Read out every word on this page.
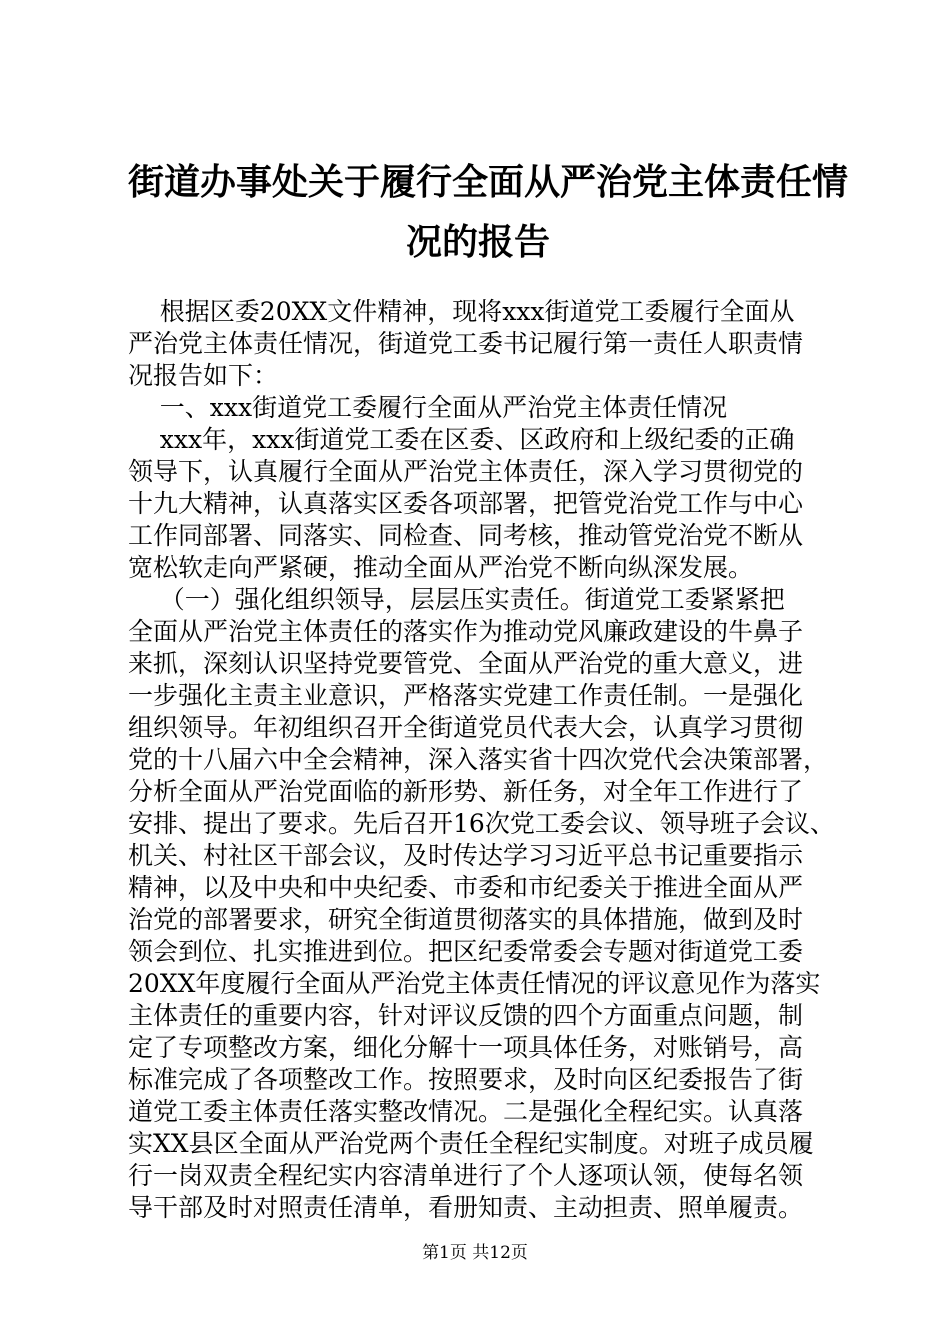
街道办事处关于履行全面从严治党主体责任情
况的报告
根据区委20XX文件精神，现将xxx街道党工委履行全面从
严治党主体责任情况，街道党工委书记履行第一责任人职责情
况报告如下：
一、xxx街道党工委履行全面从严治党主体责任情况
xxx年，xxx街道党工委在区委、区政府和上级纪委的正确
领导下，认真履行全面从严治党主体责任，深入学习贯彻党的
十九大精神，认真落实区委各项部署，把管党治党工作与中心
工作同部署、同落实、同检查、同考核，推动管党治党不断从
宽松软走向严紧硬，推动全面从严治党不断向纵深发展。
（一）强化组织领导，层层压实责任。街道党工委紧紧把
全面从严治党主体责任的落实作为推动党风廉政建设的牛鼻子
来抓，深刻认识坚持党要管党、全面从严治党的重大意义，进
一步强化主责主业意识，严格落实党建工作责任制。一是强化
组织领导。年初组织召开全街道党员代表大会，认真学习贯彻
党的十八届六中全会精神，深入落实省十四次党代会决策部署，
分析全面从严治党面临的新形势、新任务，对全年工作进行了
安排、提出了要求。先后召开16次党工委会议、领导班子会议、
机关、村社区干部会议，及时传达学习习近平总书记重要指示
精神，以及中央和中央纪委、市委和市纪委关于推进全面从严
治党的部署要求，研究全街道贯彻落实的具体措施，做到及时
领会到位、扎实推进到位。把区纪委常委会专题对街道党工委
20XX年度履行全面从严治党主体责任情况的评议意见作为落实
主体责任的重要内容，针对评议反馈的四个方面重点问题，制
定了专项整改方案，细化分解十一项具体任务，对账销号，高
标准完成了各项整改工作。按照要求，及时向区纪委报告了街
道党工委主体责任落实整改情况。二是强化全程纪实。认真落
实XX县区全面从严治党两个责任全程纪实制度。对班子成员履
行一岗双责全程纪实内容清单进行了个人逐项认领，使每名领
导干部及时对照责任清单，看册知责、主动担责、照单履责。
第1页 共12页
